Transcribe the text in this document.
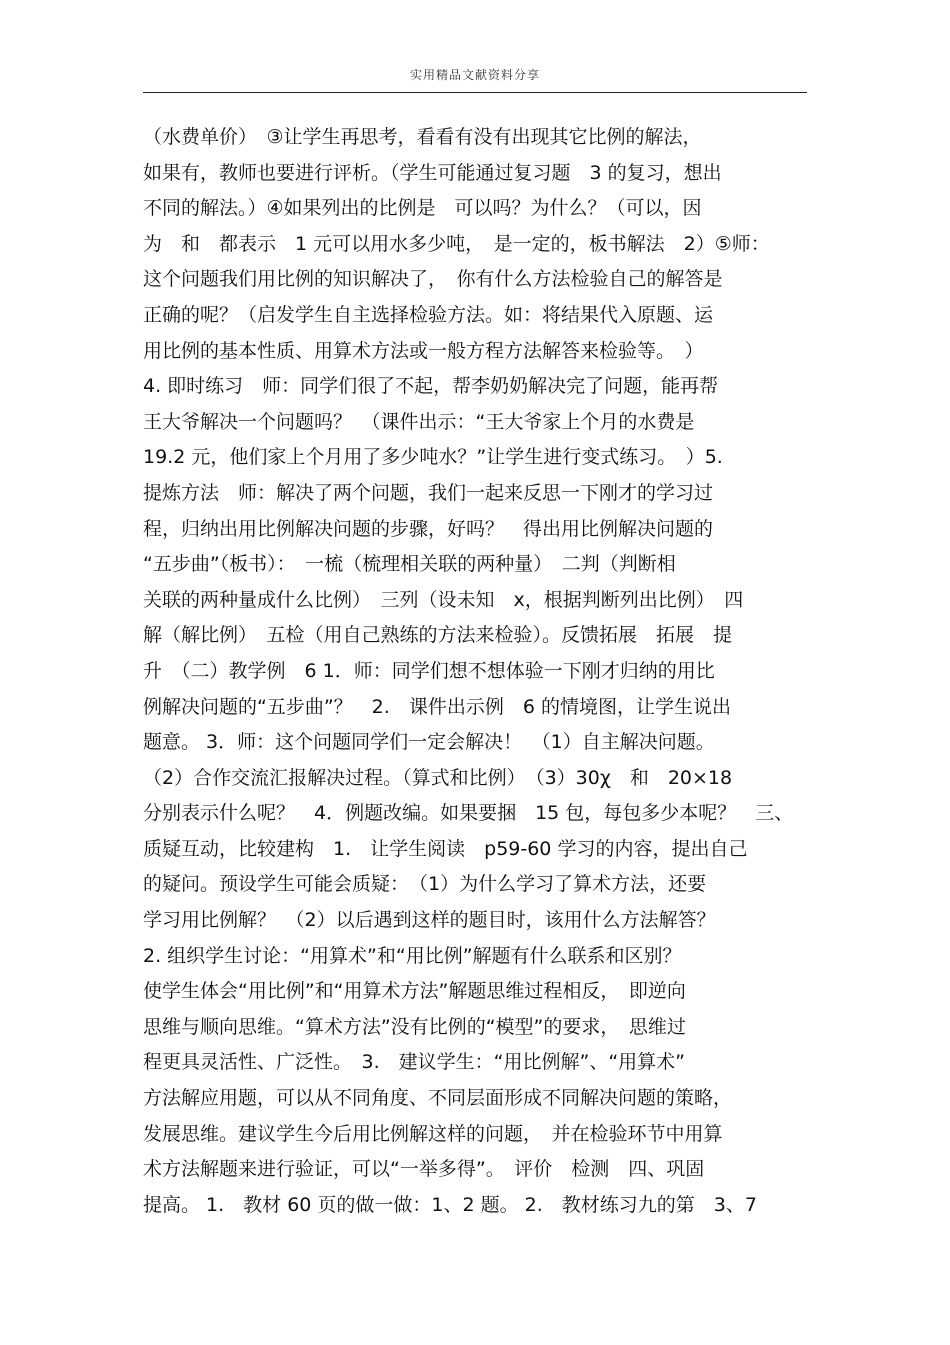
实用精品文献资料分享
（水费单价）　③让学生再思考，看看有没有出现其它比例的解法，
如果有，教师也要进行评析。（学生可能通过复习题　3 的复习，想出
不同的解法。）④如果列出的比例是　可以吗？为什么？（可以，因
为　和　都表示　1 元可以用水多少吨，　是一定的，板书解法　2）⑤师：
这个问题我们用比例的知识解决了，　你有什么方法检验自己的解答是
正确的呢？（启发学生自主选择检验方法。如：将结果代入原题、运
用比例的基本性质、用算术方法或一般方程方法解答来检验等。　）
4. 即时练习　师：同学们很了不起，帮李奶奶解决完了问题，能再帮
王大爷解决一个问题吗？　（课件出示：“王大爷家上个月的水费是
19.2 元，他们家上个月用了多少吨水？”让学生进行变式练习。　）5.
提炼方法　师：解决了两个问题，我们一起来反思一下刚才的学习过
程，归纳出用比例解决问题的步骤，好吗？　得出用比例解决问题的
“五步曲”（板书）：　一梳（梳理相关联的两种量）　二判（判断相
关联的两种量成什么比例）　三列（设未知　x，根据判断列出比例）　四
解（解比例）　五检（用自己熟练的方法来检验）。反馈拓展　拓展　提
升　（二）教学例　6 1．师：同学们想不想体验一下刚才归纳的用比
例解决问题的“五步曲”？　2.　课件出示例　6 的情境图，让学生说出
题意。 3．师：这个问题同学们一定会解决！　（1）自主解决问题。
（2）合作交流汇报解决过程。（算式和比例）　（3）30χ　和　20×18
分别表示什么呢？　4．例题改编。如果要捆　15 包，每包多少本呢？　三、
质疑互动，比较建构　1.　让学生阅读　p59-60 学习的内容，提出自己
的疑问。预设学生可能会质疑：　（1）为什么学习了算术方法，还要
学习用比例解？　（2）以后遇到这样的题目时，该用什么方法解答？
2. 组织学生讨论：“用算术”和“用比例”解题有什么联系和区别？
使学生体会“用比例”和“用算术方法”解题思维过程相反，　即逆向
思维与顺向思维。“算术方法”没有比例的“模型”的要求，　思维过
程更具灵活性、广泛性。　3.　建议学生：“用比例解”、“用算术”
方法解应用题，可以从不同角度、不同层面形成不同解决问题的策略，
发展思维。建议学生今后用比例解这样的问题，　并在检验环节中用算
术方法解题来进行验证，可以“一举多得”。　评价　检测　四、巩固
提高。 1.　教材 60 页的做一做：1、2 题。 2.　教材练习九的第　3、7
